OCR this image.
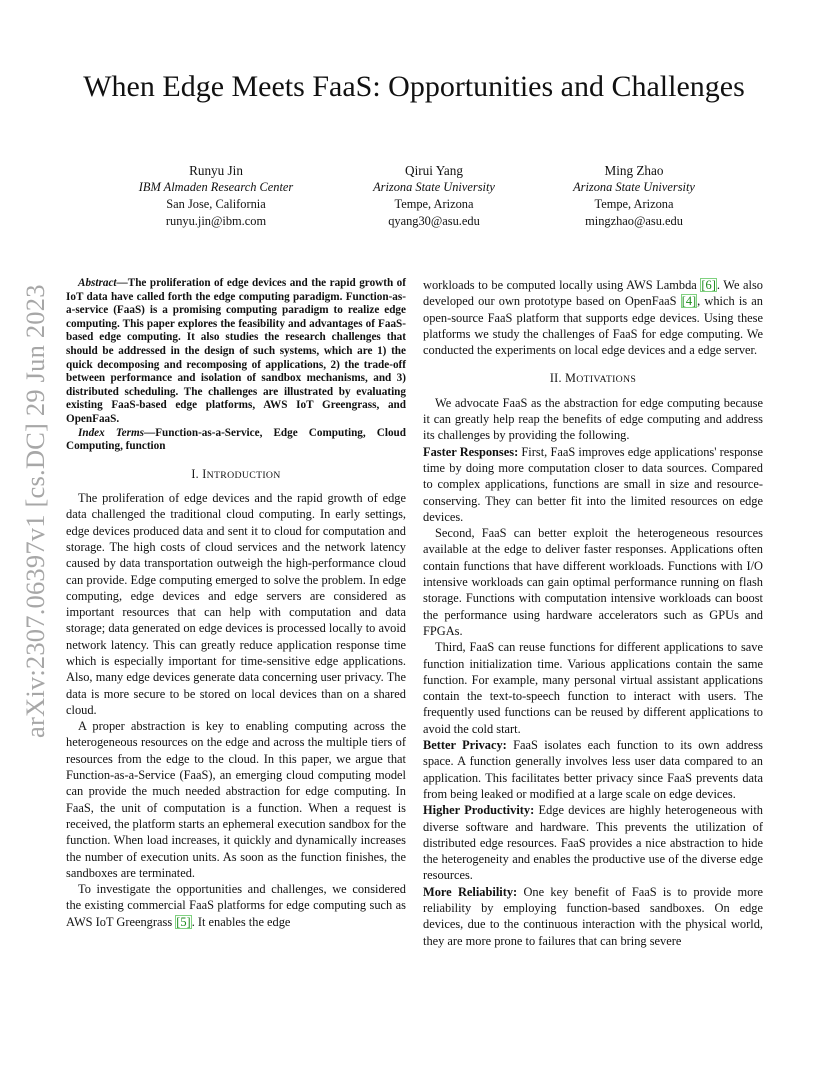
When Edge Meets FaaS: Opportunities and Challenges
Runyu Jin
IBM Almaden Research Center
San Jose, California
runyu.jin@ibm.com
Qirui Yang
Arizona State University
Tempe, Arizona
qyang30@asu.edu
Ming Zhao
Arizona State University
Tempe, Arizona
mingzhao@asu.edu
arXiv:2307.06397v1 [cs.DC] 29 Jun 2023

Abstract—The proliferation of edge devices and the rapid growth of IoT data have called forth the edge computing paradigm. Function-as-a-service (FaaS) is a promising computing paradigm to realize edge computing. This paper explores the feasibility and advantages of FaaS-based edge computing. It also studies the research challenges that should be addressed in the design of such systems, which are 1) the quick decomposing and recomposing of applications, 2) the trade-off between performance and isolation of sandbox mechanisms, and 3) distributed scheduling. The challenges are illustrated by evaluating existing FaaS-based edge platforms, AWS IoT Greengrass, and OpenFaaS.

Index Terms—Function-as-a-Service, Edge Computing, Cloud Computing, function

I. INTRODUCTION

The proliferation of edge devices and the rapid growth of edge data challenged the traditional cloud computing. In early settings, edge devices produced data and sent it to cloud for computation and storage. The high costs of cloud services and the network latency caused by data transportation outweigh the high-performance cloud can provide. Edge computing emerged to solve the problem. In edge computing, edge devices and edge servers are considered as important resources that can help with computation and data storage; data generated on edge devices is processed locally to avoid network latency. This can greatly reduce application response time which is especially important for time-sensitive edge applications. Also, many edge devices generate data concerning user privacy. The data is more secure to be stored on local devices than on a shared cloud.

A proper abstraction is key to enabling computing across the heterogeneous resources on the edge and across the multiple tiers of resources from the edge to the cloud. In this paper, we argue that Function-as-a-Service (FaaS), an emerging cloud computing model can provide the much needed abstraction for edge computing. In FaaS, the unit of computation is a function. When a request is received, the platform starts an ephemeral execution sandbox for the function. When load increases, it quickly and dynamically increases the number of execution units. As soon as the function finishes, the sandboxes are terminated.

To investigate the opportunities and challenges, we considered the existing commercial FaaS platforms for edge computing such as AWS IoT Greengrass [5]. It enables the edge

workloads to be computed locally using AWS Lambda [6]. We also developed our own prototype based on OpenFaaS [4], which is an open-source FaaS platform that supports edge devices. Using these platforms we study the challenges of FaaS for edge computing. We conducted the experiments on local edge devices and a edge server.

II. MOTIVATIONS

We advocate FaaS as the abstraction for edge computing because it can greatly help reap the benefits of edge computing and address its challenges by providing the following.

Faster Responses: First, FaaS improves edge applications' response time by doing more computation closer to data sources. Compared to complex applications, functions are small in size and resource-conserving. They can better fit into the limited resources on edge devices.

Second, FaaS can better exploit the heterogeneous resources available at the edge to deliver faster responses. Applications often contain functions that have different workloads. Functions with I/O intensive workloads can gain optimal performance running on flash storage. Functions with computation intensive workloads can boost the performance using hardware accelerators such as GPUs and FPGAs.

Third, FaaS can reuse functions for different applications to save function initialization time. Various applications contain the same function. For example, many personal virtual assistant applications contain the text-to-speech function to interact with users. The frequently used functions can be reused by different applications to avoid the cold start.

Better Privacy: FaaS isolates each function to its own address space. A function generally involves less user data compared to an application. This facilitates better privacy since FaaS prevents data from being leaked or modified at a large scale on edge devices.

Higher Productivity: Edge devices are highly heterogeneous with diverse software and hardware. This prevents the utilization of distributed edge resources. FaaS provides a nice abstraction to hide the heterogeneity and enables the productive use of the diverse edge resources.

More Reliability: One key benefit of FaaS is to provide more reliability by employing function-based sandboxes. On edge devices, due to the continuous interaction with the physical world, they are more prone to failures that can bring severe
